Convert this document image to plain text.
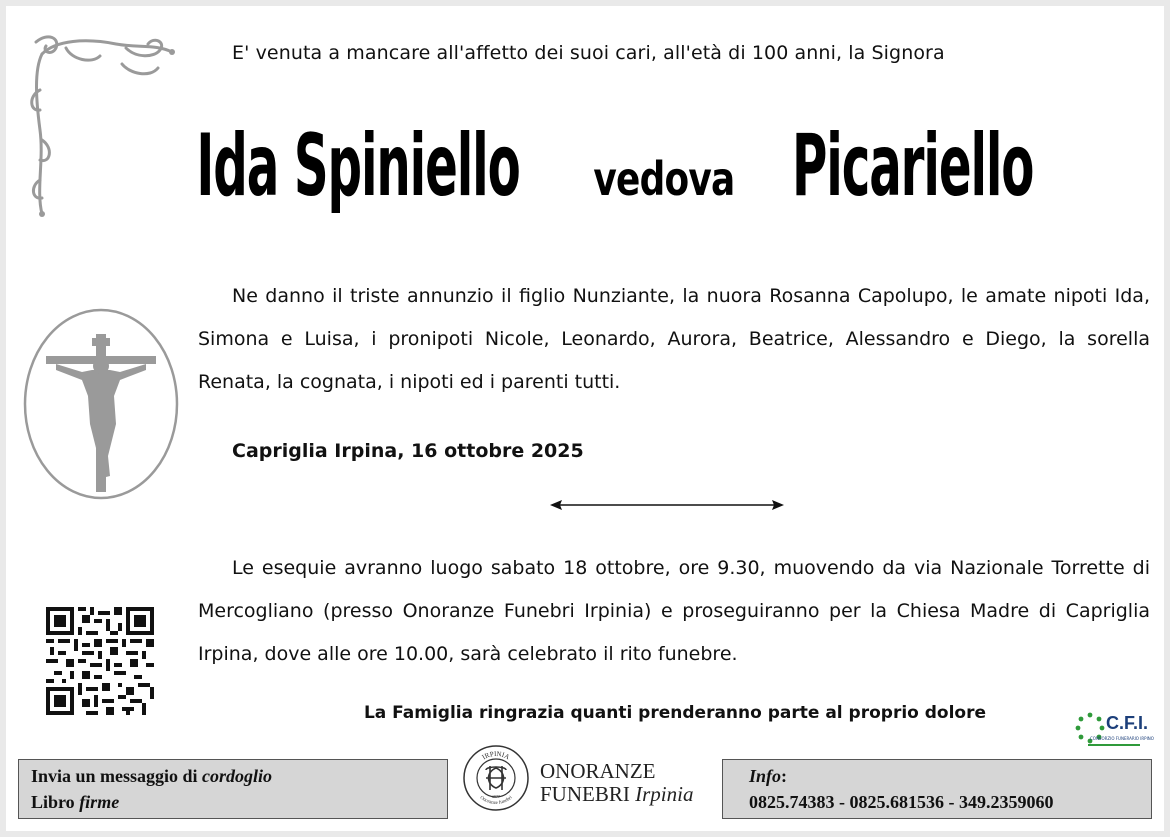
E' venuta a mancare all'affetto dei suoi cari, all'età di 100 anni, la Signora
Ida Spiniello vedova Picariello
Ne danno il triste annunzio il figlio Nunziante, la nuora Rosanna Capolupo, le amate nipoti Ida, Simona e Luisa, i pronipoti Nicole, Leonardo, Aurora, Beatrice, Alessandro e Diego, la sorella Renata, la cognata, i nipoti ed i parenti tutti.
Capriglia Irpina, 16 ottobre 2025
Le esequie avranno luogo sabato 18 ottobre, ore 9.30, muovendo da via Nazionale Torrette di Mercogliano (presso Onoranze Funebri Irpinia) e proseguiranno per la Chiesa Madre di Capriglia Irpina, dove alle ore 10.00, sarà celebrato il rito funebre.
La Famiglia ringrazia quanti prenderanno parte al proprio dolore	C.F.I.
CONSORZIO FUNERARIO IRPINO
Invia un messaggio di cordoglio
Libro firme
IRPINIA
Onoranze funebri
1977
ONORANZE
FUNEBRI Irpinia
Info:
0825.74383 - 0825.681536 - 349.2359060
